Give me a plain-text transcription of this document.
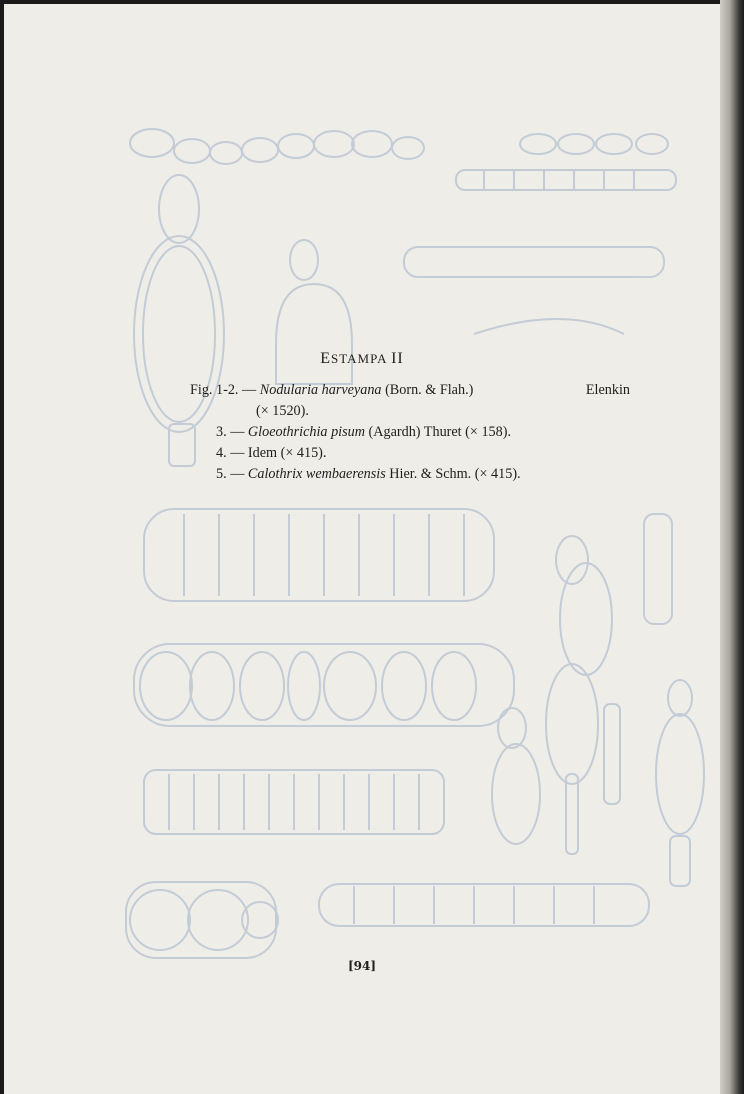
ESTAMPA II
Fig. 1-2. — Nodularia harveyana (Born. & Flah.)	Elenkin
(× 1520).
3. — Gloeothrichia pisum (Agardh) Thuret (× 158).
4. — Idem (× 415).
5. — Calothrix wembaerensis Hier. & Schm. (× 415).
[94]
